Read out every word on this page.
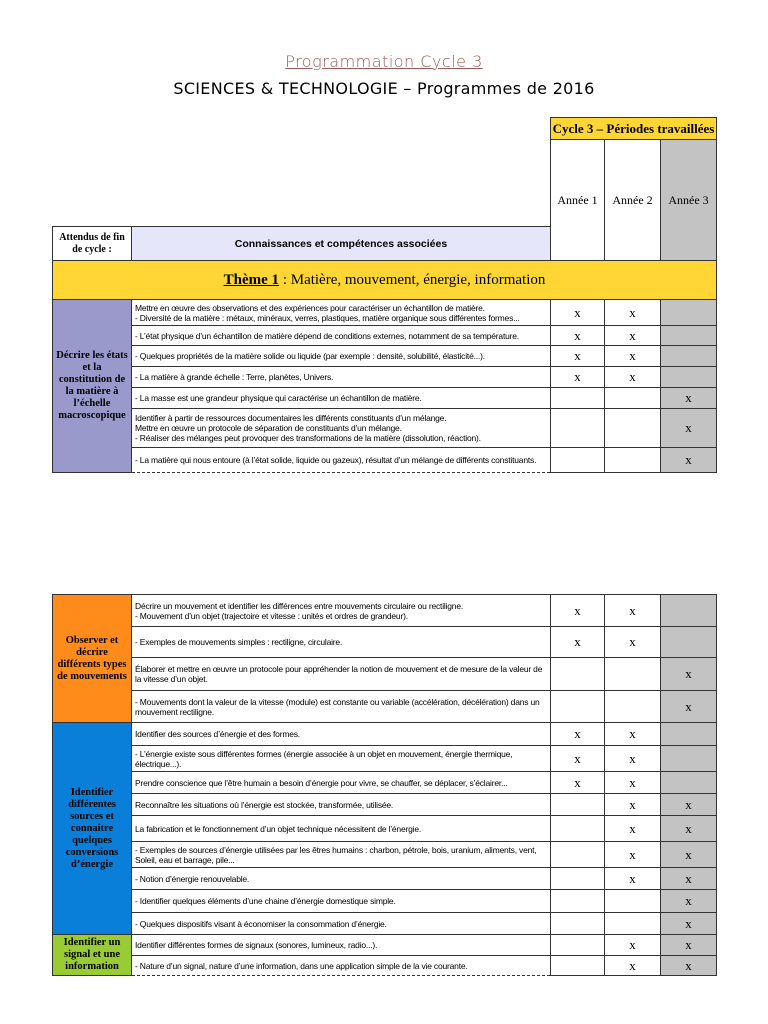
Programmation Cycle 3
SCIENCES & TECHNOLOGIE – Programmes de 2016
		Cycle 3 – Périodes travaillées		
		Année 1	Année 2	Année 3
Attendus de fin de cycle :	Connaissances et compétences associées			
Thème 1 : Matière, mouvement, énergie, information				
Décrire les états et la constitution de la matière à l’échelle macroscopique	Mettre en œuvre des observations et des expériences pour caractériser un échantillon de matière.
- Diversité de la matière : métaux, minéraux, verres, plastiques, matière organique sous différentes formes...	x	x	
	- L’état physique d’un échantillon de matière dépend de conditions externes, notamment de sa température.	x	x	
	- Quelques propriétés de la matière solide ou liquide (par exemple : densité, solubilité, élasticité...).	x	x	
	- La matière à grande échelle : Terre, planètes, Univers.	x	x	
	- La masse est une grandeur physique qui caractérise un échantillon de matière.			x
	Identifier à partir de ressources documentaires les différents constituants d’un mélange.
Mettre en œuvre un protocole de séparation de constituants d’un mélange.
- Réaliser des mélanges peut provoquer des transformations de la matière (dissolution, réaction).			x
	- La matière qui nous entoure (à l’état solide, liquide ou gazeux), résultat d’un mélange de différents constituants.			x
Observer et décrire différents types de mouvements	Décrire un mouvement et identifier les différences entre mouvements circulaire ou rectiligne.
- Mouvement d’un objet (trajectoire et vitesse : unités et ordres de grandeur).	x	x	
	- Exemples de mouvements simples : rectiligne, circulaire.	x	x	
	Élaborer et mettre en œuvre un protocole pour appréhender la notion de mouvement et de mesure de la valeur de la vitesse d’un objet.			x
	- Mouvements dont la valeur de la vitesse (module) est constante ou variable (accélération, décélération) dans un mouvement rectiligne.			x
Identifier différentes sources et connaitre quelques conversions d’énergie	Identifier des sources d’énergie et des formes.	x	x	
	- L’énergie existe sous différentes formes (énergie associée à un objet en mouvement, énergie thermique, électrique...).	x	x	
	Prendre conscience que l’être humain a besoin d’énergie pour vivre, se chauffer, se déplacer, s’éclairer...	x	x	
	Reconnaître les situations où l’énergie est stockée, transformée, utilisée.		x	x
	La fabrication et le fonctionnement d’un objet technique nécessitent de l’énergie.		x	x
	- Exemples de sources d’énergie utilisées par les êtres humains : charbon, pétrole, bois, uranium, aliments, vent, Soleil, eau et barrage, pile...		x	x
	- Notion d’énergie renouvelable.		x	x
	- Identifier quelques éléments d’une chaine d’énergie domestique simple.			x
	- Quelques dispositifs visant à économiser la consommation d’énergie.			x
Identifier un signal et une information	Identifier différentes formes de signaux (sonores, lumineux, radio...).		x	x
	- Nature d’un signal, nature d’une information, dans une application simple de la vie courante.		x	x
